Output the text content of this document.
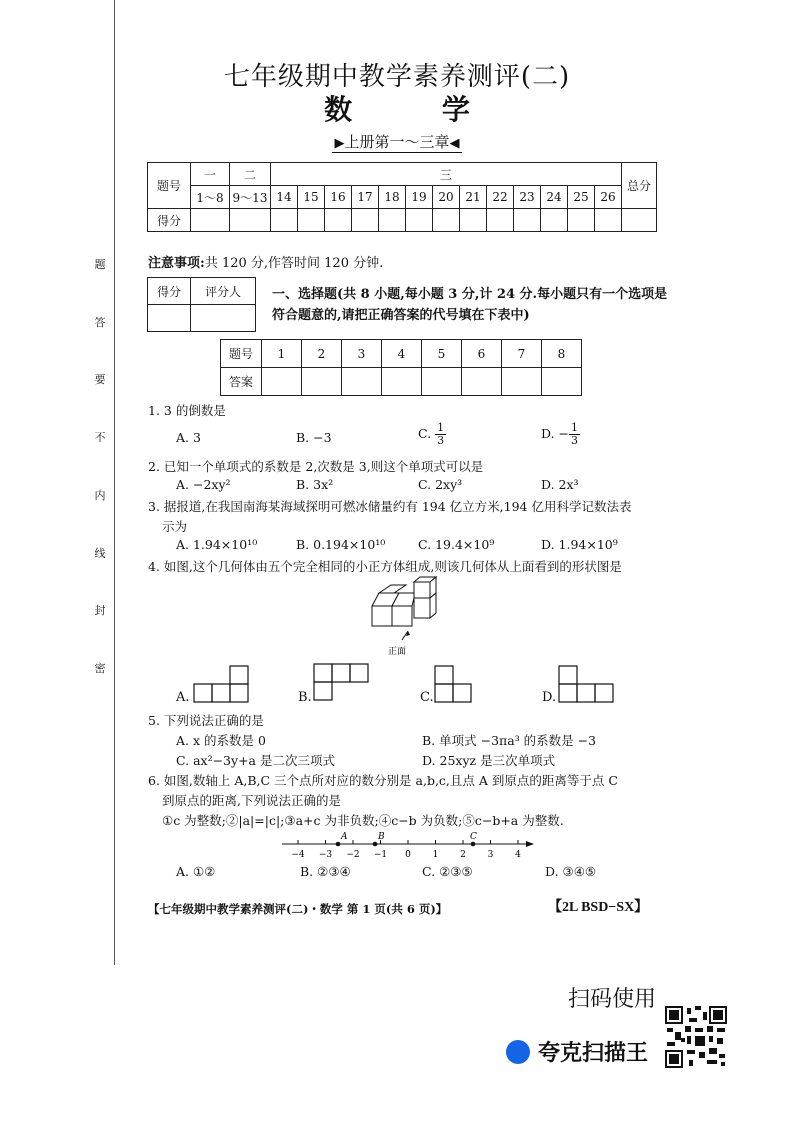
题
答
要
不
内
线
封
密
七年级期中教学素养测评(二)
数 学
▶上册第一～三章◀
题号	一	二	三													总分
	1～8	9～13	14	15	16	17	18	19	20	21	22	23	24	25	26	
得分																
注意事项:共 120 分,作答时间 120 分钟.
得分	评分人
	一、选择题(共 8 小题,每小题 3 分,计 24 分.每小题只有一个选项是符合题意的,请把正确答案的代号填在下表中)
题号	1	2	3	4	5	6	7	8
答案								
1. 3 的倒数是
A. 3	B. −3	C. $\frac{1}{3}$	D. − $\frac{1}{3}$
2. 已知一个单项式的系数是 2,次数是 3,则这个单项式可以是
A. −2xy²	B. 3x²	C. 2xy³	D. 2x³
3. 据报道,在我国南海某海域探明可燃冰储量约有 194 亿立方米,194 亿用科学记数法表
示为
A. 1.94×10¹⁰	B. 0.194×10¹⁰	C. 19.4×10⁹	D. 1.94×10⁹
4. 如图,这个几何体由五个完全相同的小正方体组成,则该几何体从上面看到的形状图是
正面
A.	B.	C.	D.
5. 下列说法正确的是
A. x 的系数是 0	B. 单项式 −3πa³ 的系数是 −3
C. ax²−3y+a 是二次三项式	D. 25xyz 是三次单项式
6. 如图,数轴上 A,B,C 三个点所对应的数分别是 a,b,c,且点 A 到原点的距离等于点 C
到原点的距离,下列说法正确的是
①c 为整数;②|a|=|c|;③a+c 为非负数;④c−b 为负数;⑤c−b+a 为整数.
−4 −3 −2 −1 0 1 2 3 4
A	B	C
A. ①②	B. ②③④	C. ②③⑤	D. ③④⑤
【七年级期中教学素养测评(二)・数学 第 1 页(共 6 页)】	【2L BSD−SX】
扫码使用
夸克扫描王
